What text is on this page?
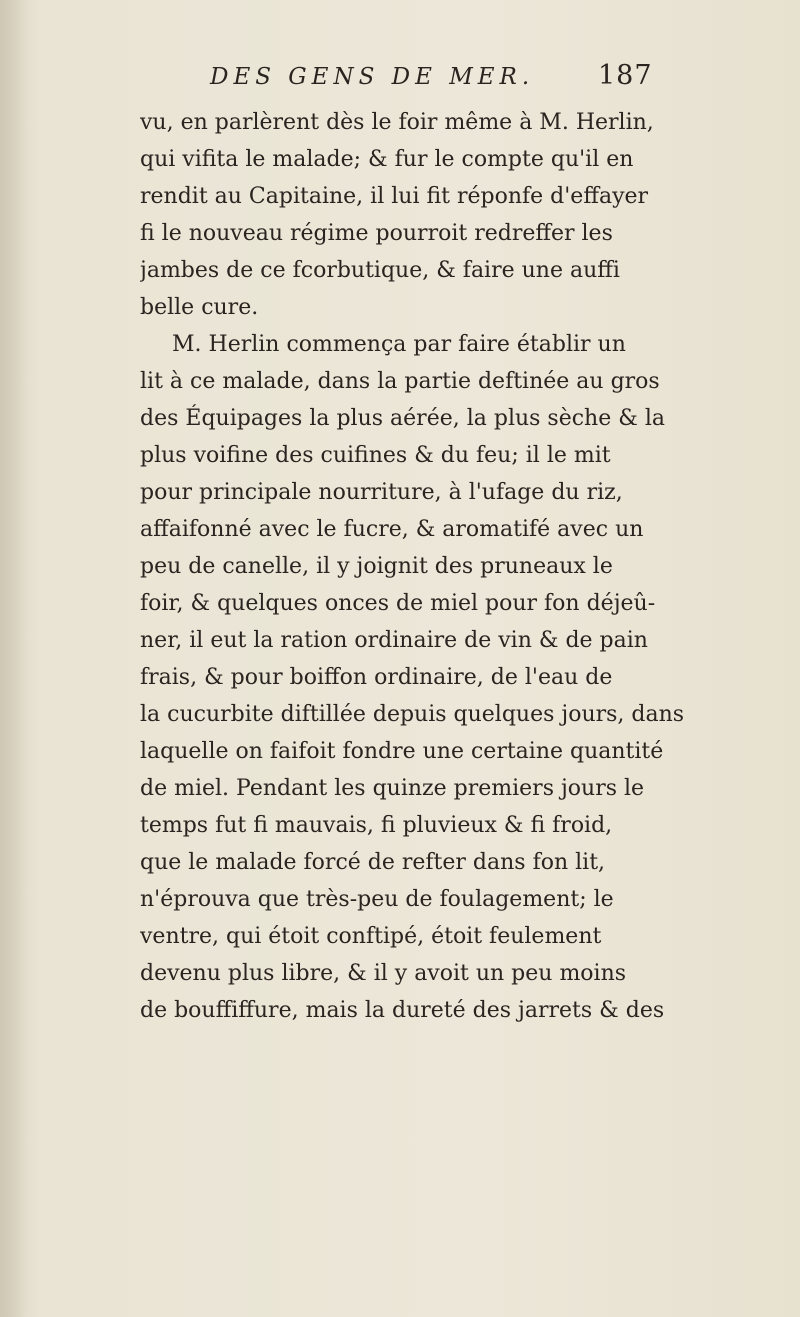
DES GENS DE MER. 187
vu, en parlèrent dès le foir même à M. Herlin,
qui vifita le malade; & fur le compte qu'il en
rendit au Capitaine, il lui fit réponfe d'effayer
fi le nouveau régime pourroit redreffer les
jambes de ce fcorbutique, & faire une auffi
belle cure.
M. Herlin commença par faire établir un
lit à ce malade, dans la partie deftinée au gros
des Équipages la plus aérée, la plus sèche & la
plus voifine des cuifines & du feu; il le mit
pour principale nourriture, à l'ufage du riz,
affaifonné avec le fucre, & aromatifé avec un
peu de canelle, il y joignit des pruneaux le
foir, & quelques onces de miel pour fon déjeû-
ner, il eut la ration ordinaire de vin & de pain
frais, & pour boiffon ordinaire, de l'eau de
la cucurbite diftillée depuis quelques jours, dans
laquelle on faifoit fondre une certaine quantité
de miel. Pendant les quinze premiers jours le
temps fut fi mauvais, fi pluvieux & fi froid,
que le malade forcé de refter dans fon lit,
n'éprouva que très-peu de foulagement; le
ventre, qui étoit conftipé, étoit feulement
devenu plus libre, & il y avoit un peu moins
de bouffiffure, mais la dureté des jarrets & des
